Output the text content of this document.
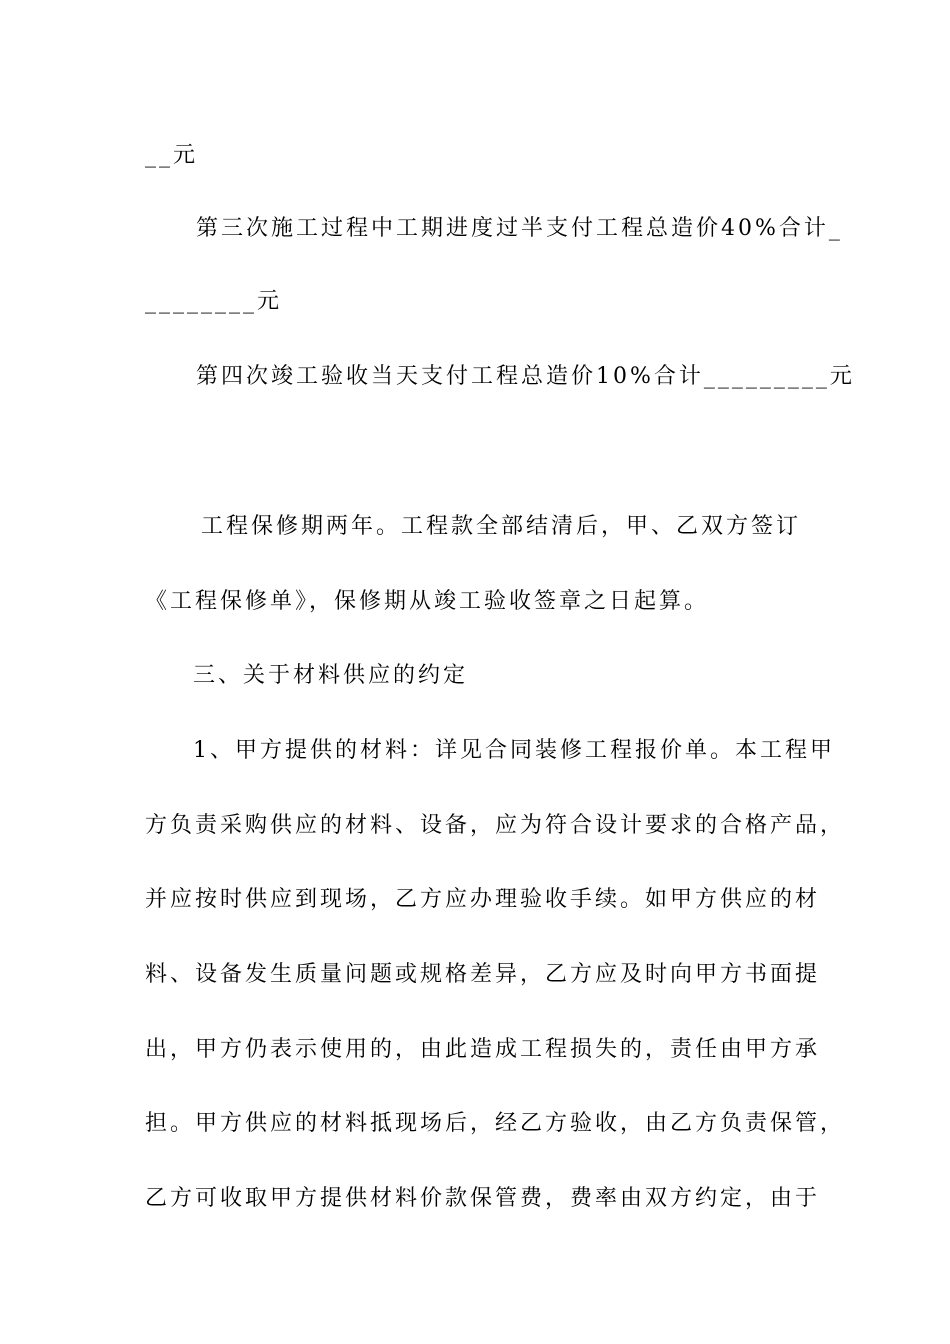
__元

第三次施工过程中工期进度过半支付工程总造价40%合计_

________元

第四次竣工验收当天支付工程总造价10%合计_________元

工程保修期两年。工程款全部结清后，甲、乙双方签订

《工程保修单》，保修期从竣工验收签章之日起算。

三、关于材料供应的约定

1、甲方提供的材料：详见合同装修工程报价单。本工程甲

方负责采购供应的材料、设备，应为符合设计要求的合格产品，

并应按时供应到现场，乙方应办理验收手续。如甲方供应的材

料、设备发生质量问题或规格差异，乙方应及时向甲方书面提

出，甲方仍表示使用的，由此造成工程损失的，责任由甲方承

担。甲方供应的材料抵现场后，经乙方验收，由乙方负责保管，

乙方可收取甲方提供材料价款保管费，费率由双方约定，由于
